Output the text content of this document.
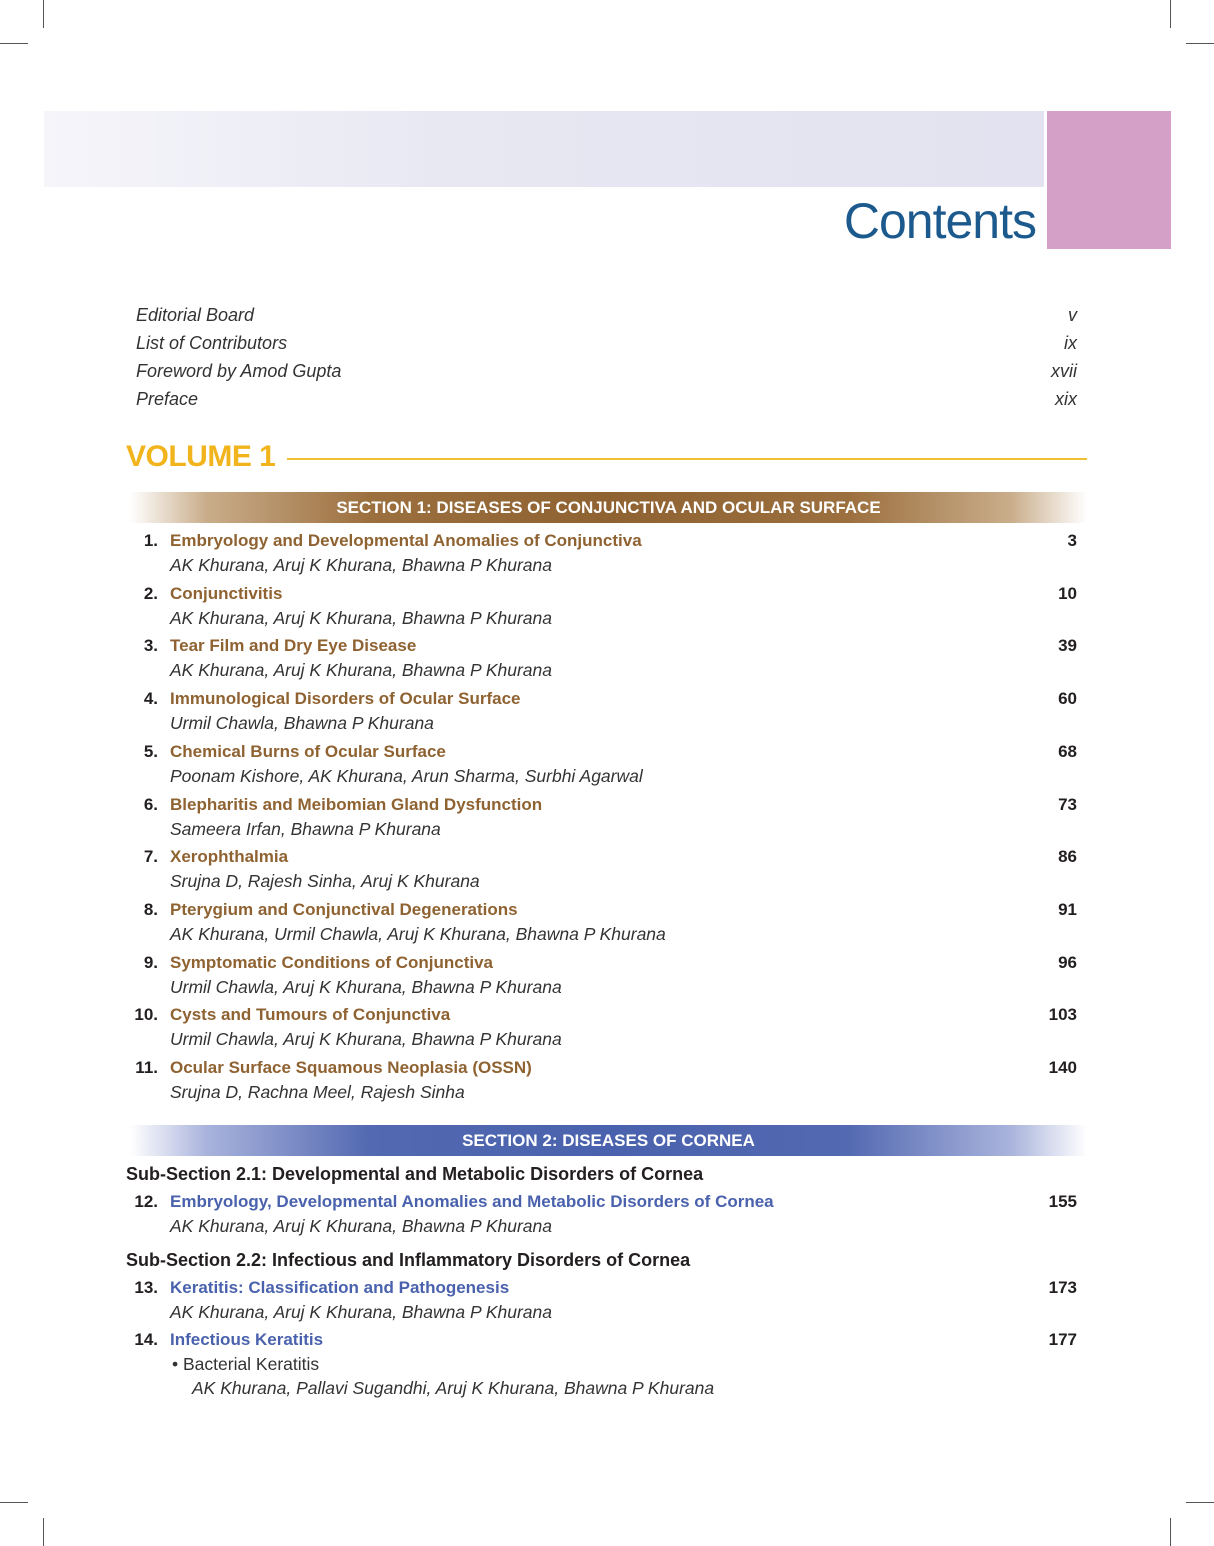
Contents
Editorial Board	v
List of Contributors	ix
Foreword by Amod Gupta	xvii
Preface	xix
VOLUME 1
SECTION 1: DISEASES OF CONJUNCTIVA AND OCULAR SURFACE
1. Embryology and Developmental Anomalies of Conjunctiva	3
AK Khurana, Aruj K Khurana, Bhawna P Khurana
2. Conjunctivitis	10
AK Khurana, Aruj K Khurana, Bhawna P Khurana
3. Tear Film and Dry Eye Disease	39
AK Khurana, Aruj K Khurana, Bhawna P Khurana
4. Immunological Disorders of Ocular Surface	60
Urmil Chawla, Bhawna P Khurana
5. Chemical Burns of Ocular Surface	68
Poonam Kishore, AK Khurana, Arun Sharma, Surbhi Agarwal
6. Blepharitis and Meibomian Gland Dysfunction	73
Sameera Irfan, Bhawna P Khurana
7. Xerophthalmia	86
Srujna D, Rajesh Sinha, Aruj K Khurana
8. Pterygium and Conjunctival Degenerations	91
AK Khurana, Urmil Chawla, Aruj K Khurana, Bhawna P Khurana
9. Symptomatic Conditions of Conjunctiva	96
Urmil Chawla, Aruj K Khurana, Bhawna P Khurana
10. Cysts and Tumours of Conjunctiva	103
Urmil Chawla, Aruj K Khurana, Bhawna P Khurana
11. Ocular Surface Squamous Neoplasia (OSSN)	140
Srujna D, Rachna Meel, Rajesh Sinha
SECTION 2: DISEASES OF CORNEA
Sub-Section 2.1: Developmental and Metabolic Disorders of Cornea
Sub-Section 2.2: Infectious and Inflammatory Disorders of Cornea
12. Embryology, Developmental Anomalies and Metabolic Disorders of Cornea	155
AK Khurana, Aruj K Khurana, Bhawna P Khurana
13. Keratitis: Classification and Pathogenesis	173
AK Khurana, Aruj K Khurana, Bhawna P Khurana
14. Infectious Keratitis	177
• Bacterial Keratitis
AK Khurana, Pallavi Sugandhi, Aruj K Khurana, Bhawna P Khurana
